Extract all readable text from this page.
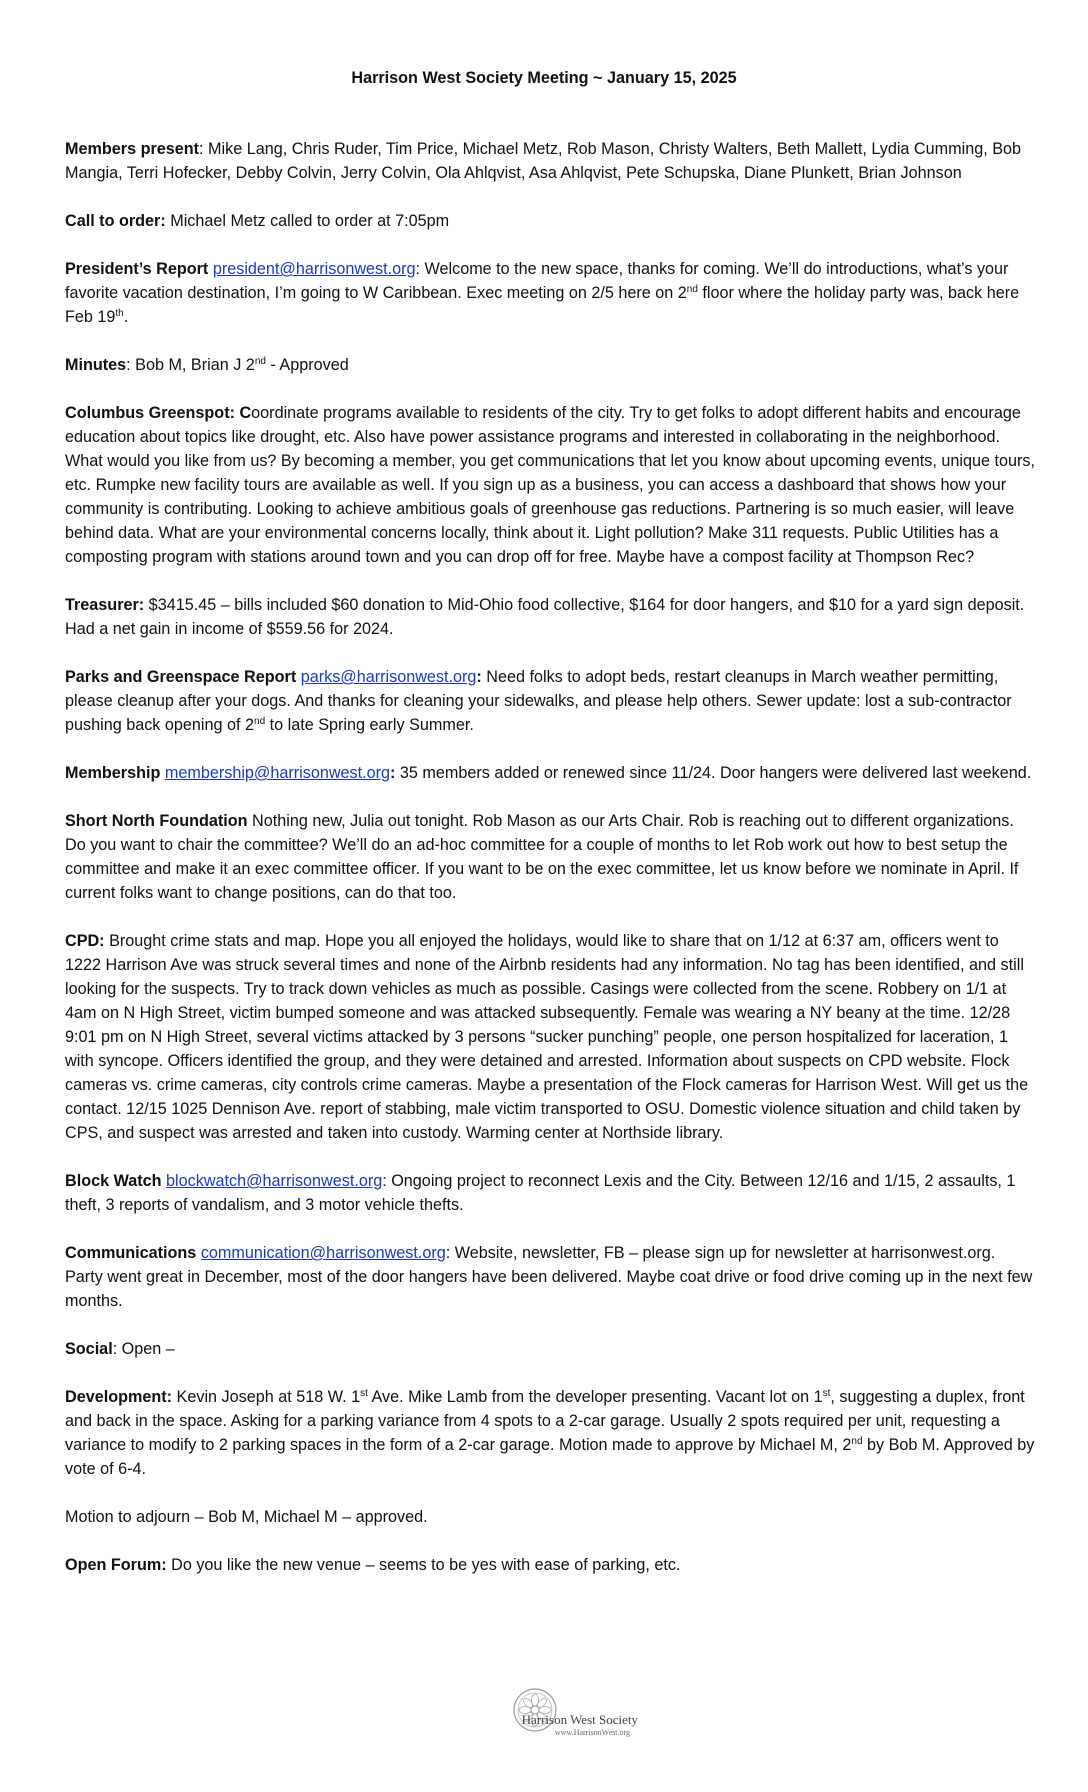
Harrison West Society Meeting ~ January 15, 2025

Members present: Mike Lang, Chris Ruder, Tim Price, Michael Metz, Rob Mason, Christy Walters, Beth Mallett, Lydia Cumming, Bob Mangia, Terri Hofecker, Debby Colvin, Jerry Colvin, Ola Ahlqvist, Asa Ahlqvist, Pete Schupska, Diane Plunkett, Brian Johnson

Call to order: Michael Metz called to order at 7:05pm

President’s Report president@harrisonwest.org: Welcome to the new space, thanks for coming. We’ll do introductions, what’s your favorite vacation destination, I’m going to W Caribbean. Exec meeting on 2/5 here on 2nd floor where the holiday party was, back here Feb 19th.

Minutes: Bob M, Brian J 2nd - Approved

Columbus Greenspot: Coordinate programs available to residents of the city. Try to get folks to adopt different habits and encourage education about topics like drought, etc. Also have power assistance programs and interested in collaborating in the neighborhood. What would you like from us? By becoming a member, you get communications that let you know about upcoming events, unique tours, etc. Rumpke new facility tours are available as well. If you sign up as a business, you can access a dashboard that shows how your community is contributing. Looking to achieve ambitious goals of greenhouse gas reductions. Partnering is so much easier, will leave behind data. What are your environmental concerns locally, think about it. Light pollution? Make 311 requests. Public Utilities has a composting program with stations around town and you can drop off for free. Maybe have a compost facility at Thompson Rec?

Treasurer: $3415.45 – bills included $60 donation to Mid-Ohio food collective, $164 for door hangers, and $10 for a yard sign deposit. Had a net gain in income of $559.56 for 2024.

Parks and Greenspace Report parks@harrisonwest.org: Need folks to adopt beds, restart cleanups in March weather permitting, please cleanup after your dogs. And thanks for cleaning your sidewalks, and please help others. Sewer update: lost a sub-contractor pushing back opening of 2nd to late Spring early Summer.

Membership membership@harrisonwest.org: 35 members added or renewed since 11/24. Door hangers were delivered last weekend.

Short North Foundation Nothing new, Julia out tonight. Rob Mason as our Arts Chair. Rob is reaching out to different organizations. Do you want to chair the committee? We’ll do an ad-hoc committee for a couple of months to let Rob work out how to best setup the committee and make it an exec committee officer. If you want to be on the exec committee, let us know before we nominate in April. If current folks want to change positions, can do that too.

CPD: Brought crime stats and map. Hope you all enjoyed the holidays, would like to share that on 1/12 at 6:37 am, officers went to 1222 Harrison Ave was struck several times and none of the Airbnb residents had any information. No tag has been identified, and still looking for the suspects. Try to track down vehicles as much as possible. Casings were collected from the scene. Robbery on 1/1 at 4am on N High Street, victim bumped someone and was attacked subsequently. Female was wearing a NY beany at the time. 12/28 9:01 pm on N High Street, several victims attacked by 3 persons “sucker punching” people, one person hospitalized for laceration, 1 with syncope. Officers identified the group, and they were detained and arrested. Information about suspects on CPD website. Flock cameras vs. crime cameras, city controls crime cameras. Maybe a presentation of the Flock cameras for Harrison West. Will get us the contact. 12/15 1025 Dennison Ave. report of stabbing, male victim transported to OSU. Domestic violence situation and child taken by CPS, and suspect was arrested and taken into custody. Warming center at Northside library.

Block Watch blockwatch@harrisonwest.org: Ongoing project to reconnect Lexis and the City. Between 12/16 and 1/15, 2 assaults, 1 theft, 3 reports of vandalism, and 3 motor vehicle thefts.

Communications communication@harrisonwest.org: Website, newsletter, FB – please sign up for newsletter at harrisonwest.org. Party went great in December, most of the door hangers have been delivered. Maybe coat drive or food drive coming up in the next few months.

Social: Open –

Development: Kevin Joseph at 518 W. 1st Ave. Mike Lamb from the developer presenting. Vacant lot on 1st, suggesting a duplex, front and back in the space. Asking for a parking variance from 4 spots to a 2-car garage. Usually 2 spots required per unit, requesting a variance to modify to 2 parking spaces in the form of a 2-car garage. Motion made to approve by Michael M, 2nd by Bob M. Approved by vote of 6-4.

Motion to adjourn – Bob M, Michael M – approved.

Open Forum: Do you like the new venue – seems to be yes with ease of parking, etc.

Harrison West Society
www.HarrisonWest.org
